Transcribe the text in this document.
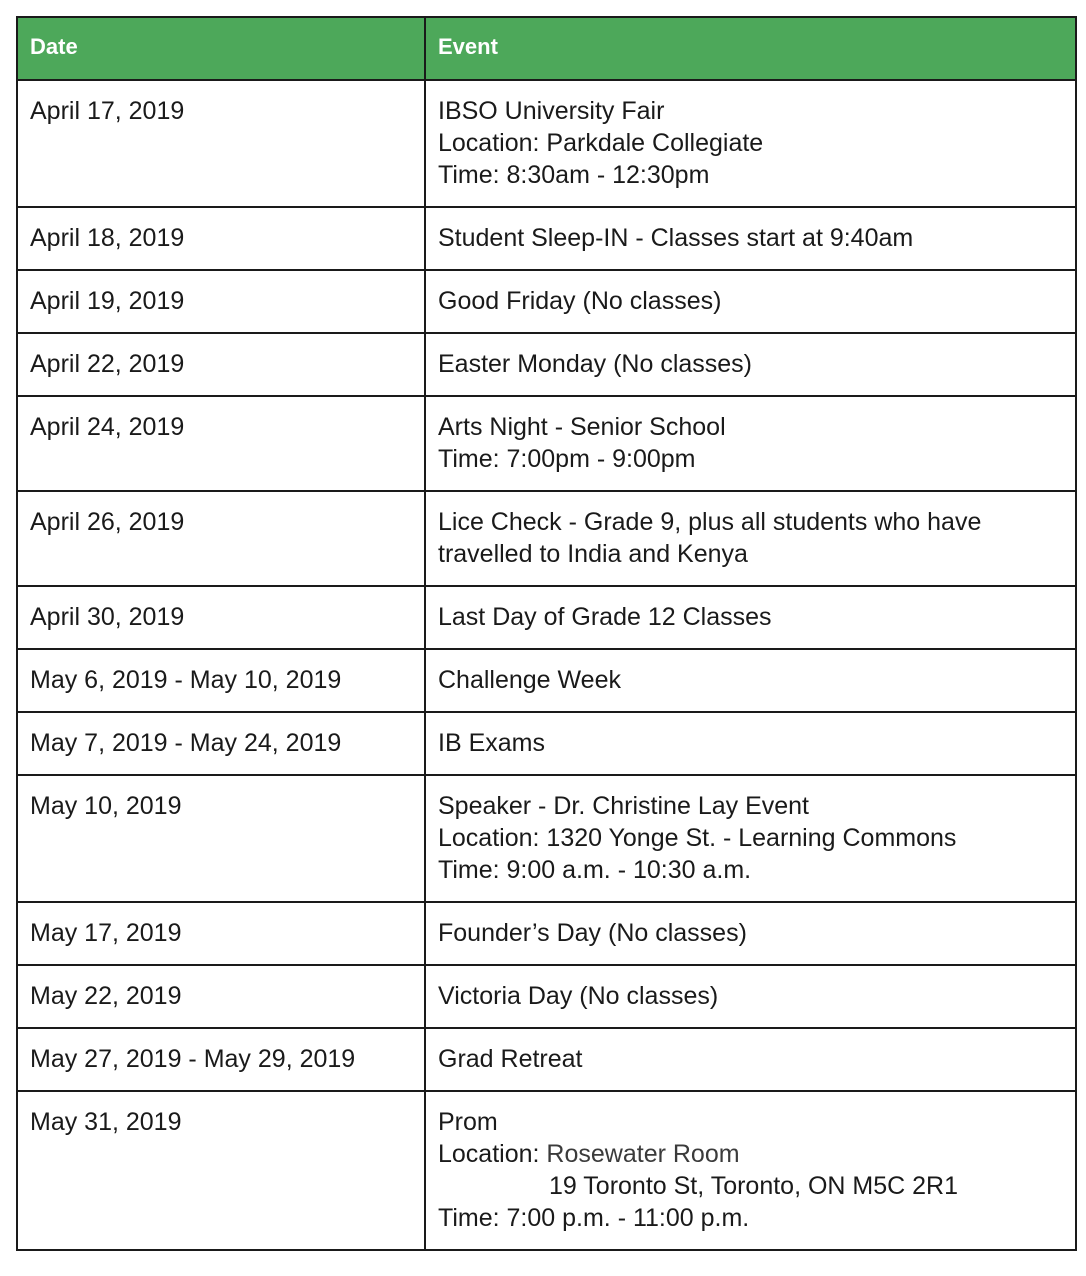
Date	Event
April 17, 2019	IBSO University Fair
Location: Parkdale Collegiate
Time: 8:30am - 12:30pm

April 18, 2019	Student Sleep-IN - Classes start at 9:40am

April 19, 2019	Good Friday (No classes)

April 22, 2019	Easter Monday (No classes)

April 24, 2019	Arts Night - Senior School
Time: 7:00pm - 9:00pm

April 26, 2019	Lice Check - Grade 9, plus all students who have travelled to India and Kenya

April 30, 2019	Last Day of Grade 12 Classes

May 6, 2019 - May 10, 2019	Challenge Week

May 7, 2019 - May 24, 2019	IB Exams

May 10, 2019	Speaker - Dr. Christine Lay Event
Location: 1320 Yonge St. - Learning Commons
Time: 9:00 a.m. - 10:30 a.m.

May 17, 2019	Founder’s Day (No classes)

May 22, 2019	Victoria Day (No classes)

May 27, 2019 - May 29, 2019	Grad Retreat

May 31, 2019	Prom
Location: Rosewater Room
19 Toronto St, Toronto, ON M5C 2R1
Time: 7:00 p.m. - 11:00 p.m.
